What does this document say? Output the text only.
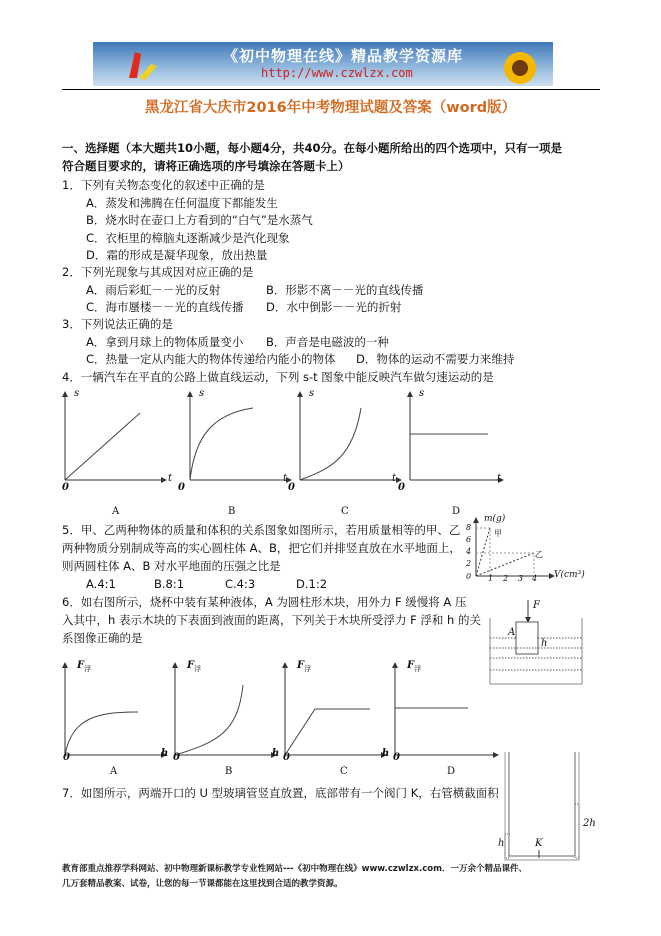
《初中物理在线》精品教学资源库
http://www.czwlzx.com
黑龙江省大庆市2016年中考物理试题及答案（word版）
一、选择题（本大题共10小题，每小题4分，共40分。在每小题所给出的四个选项中，只有一项是
符合题目要求的，请将正确选项的序号填涂在答题卡上）
1．下列有关物态变化的叙述中正确的是
A．蒸发和沸腾在任何温度下都能发生
B．烧水时在壶口上方看到的“白气”是水蒸气
C．衣柜里的樟脑丸逐渐减少是汽化现象
D．霜的形成是凝华现象，放出热量
2．下列光现象与其成因对应正确的是
A．雨后彩虹－－光的反射	B．形影不离－－光的直线传播
C．海市蜃楼－－光的直线传播 D．水中倒影－－光的折射
3．下列说法正确的是
A．拿到月球上的物体质量变小 B．声音是电磁波的一种
C．热量一定从内能大的物体传递给内能小的物体 D．物体的运动不需要力来维持
4．一辆汽车在平直的公路上做直线运动，下列 s-t 图象中能反映汽车做匀速运动的是
s	s	s	s
t	t	t	t
0	0	0	0
A	B	C	D
5．甲、乙两种物体的质量和体积的关系图象如图所示，若用质量相等的甲、乙
两种物质分别制成等高的实心圆柱体 A、B，把它们并排竖直放在水平地面上，
则两圆柱体 A、B 对水平地面的压强之比是
A.4:1	B.8:1	C.4:3	D.1:2
m(g)
甲
乙
V(cm³)
8
6
4
2
0 1 2 3 4
6．如右图所示，烧杯中装有某种液体，A 为圆柱形木块，用外力 F 缓慢将 A 压
入其中，h 表示木块的下表面到液面的距离，下列关于木块所受浮力 F 浮和 h 的关
系图像正确的是
F
A
h
$F_浮$	$F_浮$	$F_浮$	$F_浮$
h	h	h
0	0	0	0
A	B	C	D
7．如图所示，两端开口的 U 型玻璃管竖直放置，底部带有一个阀门 K，右管横截面积
h
2h
K
教育部重点推荐学科网站、初中物理新课标教学专业性网站---《初中物理在线》www.czwlzx.com．一万余个精品课件、
几万套精品教案、试卷，让您的每一节课都能在这里找到合适的教学资源。
